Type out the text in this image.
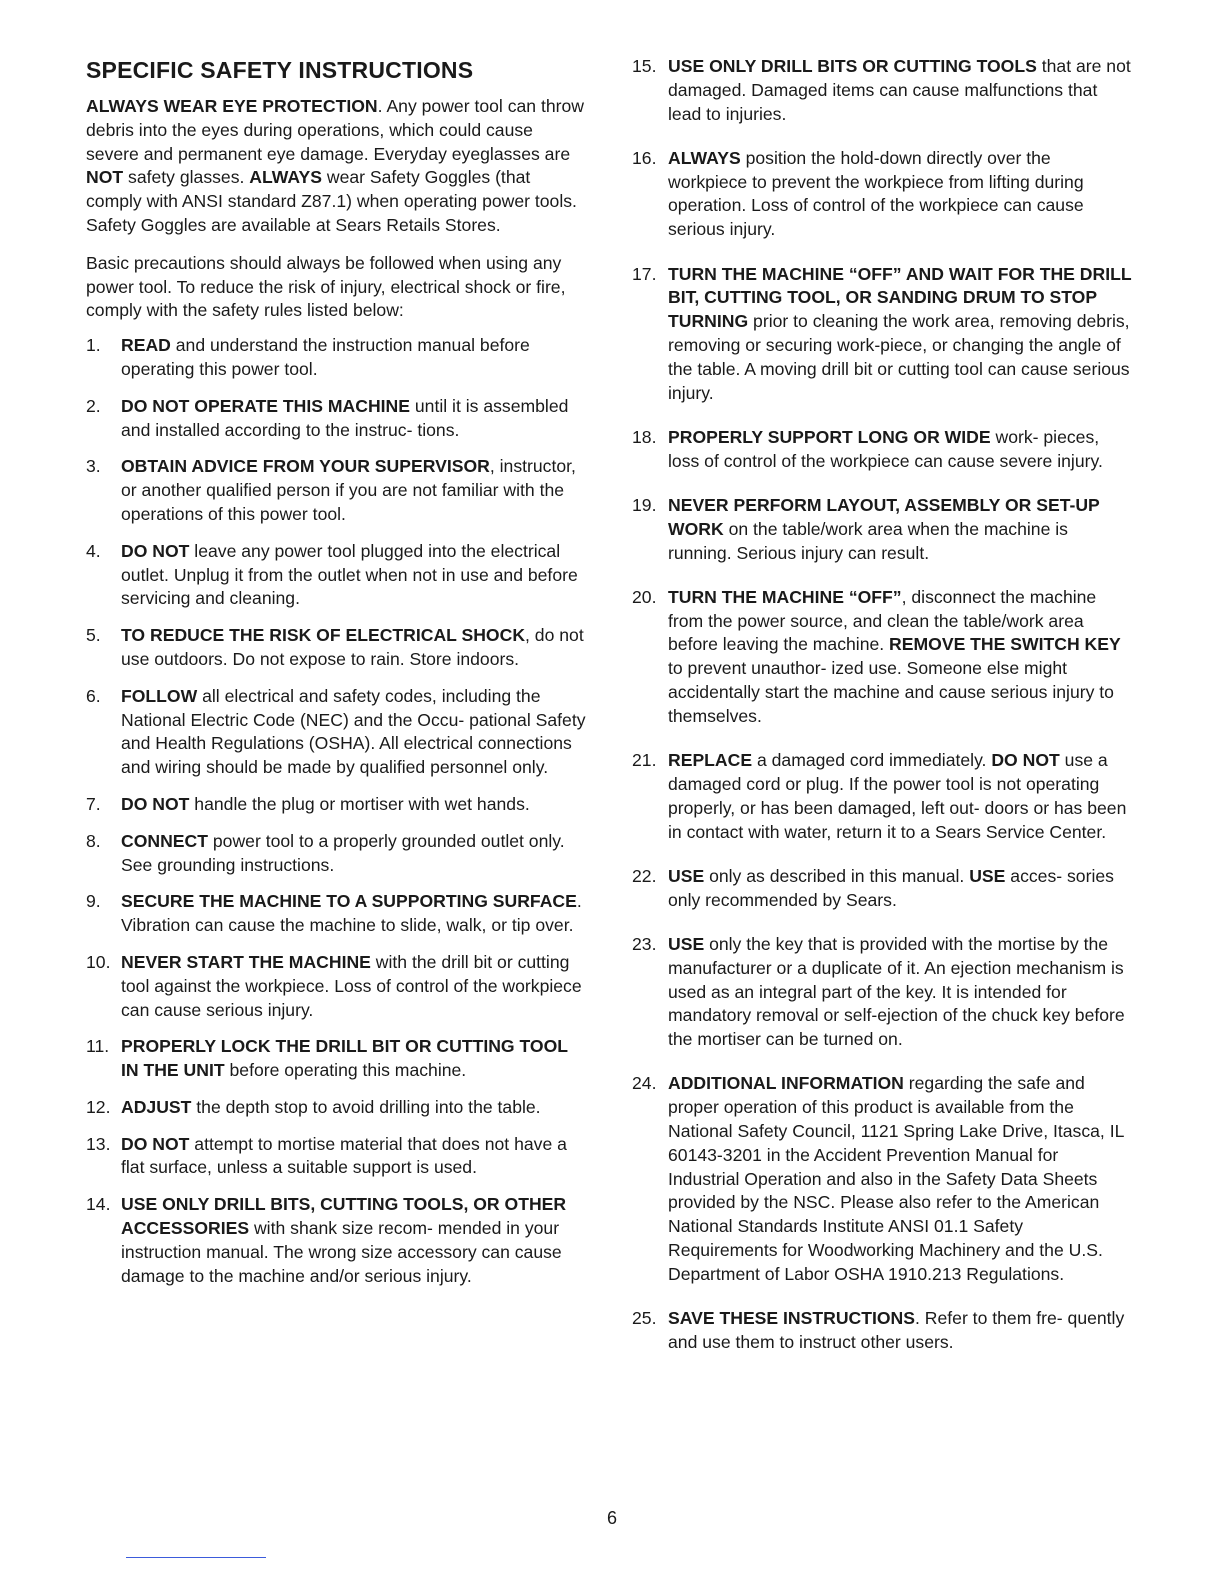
SPECIFIC SAFETY INSTRUCTIONS

ALWAYS WEAR EYE PROTECTION. Any power tool can throw debris into the eyes during operations, which could cause severe and permanent eye damage. Everyday eyeglasses are NOT safety glasses. ALWAYS wear Safety Goggles (that comply with ANSI standard Z87.1) when operating power tools. Safety Goggles are available at Sears Retails Stores.

Basic precautions should always be followed when using any power tool. To reduce the risk of injury, electrical shock or fire, comply with the safety rules listed below:

1. READ and understand the instruction manual before operating this power tool.
2. DO NOT OPERATE THIS MACHINE until it is assembled and installed according to the instruc- tions.
3. OBTAIN ADVICE FROM YOUR SUPERVISOR, instructor, or another qualified person if you are not familiar with the operations of this power tool.
4. DO NOT leave any power tool plugged into the electrical outlet. Unplug it from the outlet when not in use and before servicing and cleaning.
5. TO REDUCE THE RISK OF ELECTRICAL SHOCK, do not use outdoors. Do not expose to rain. Store indoors.
6. FOLLOW all electrical and safety codes, including the National Electric Code (NEC) and the Occu- pational Safety and Health Regulations (OSHA). All electrical connections and wiring should be made by qualified personnel only.
7. DO NOT handle the plug or mortiser with wet hands.
8. CONNECT power tool to a properly grounded outlet only. See grounding instructions.
9. SECURE THE MACHINE TO A SUPPORTING SURFACE. Vibration can cause the machine to slide, walk, or tip over.
10. NEVER START THE MACHINE with the drill bit or cutting tool against the workpiece. Loss of control of the workpiece can cause serious injury.
11. PROPERLY LOCK THE DRILL BIT OR CUTTING TOOL IN THE UNIT before operating this machine.
12. ADJUST the depth stop to avoid drilling into the table.
13. DO NOT attempt to mortise material that does not have a flat surface, unless a suitable support is used.
14. USE ONLY DRILL BITS, CUTTING TOOLS, OR OTHER ACCESSORIES with shank size recom- mended in your instruction manual. The wrong size accessory can cause damage to the machine and/or serious injury.
15. USE ONLY DRILL BITS OR CUTTING TOOLS that are not damaged. Damaged items can cause malfunctions that lead to injuries.
16. ALWAYS position the hold-down directly over the workpiece to prevent the workpiece from lifting during operation. Loss of control of the workpiece can cause serious injury.
17. TURN THE MACHINE “OFF” AND WAIT FOR THE DRILL BIT, CUTTING TOOL, OR SANDING DRUM TO STOP TURNING prior to cleaning the work area, removing debris, removing or securing work-piece, or changing the angle of the table. A moving drill bit or cutting tool can cause serious injury.
18. PROPERLY SUPPORT LONG OR WIDE work- pieces, loss of control of the workpiece can cause severe injury.
19. NEVER PERFORM LAYOUT, ASSEMBLY OR SET-UP WORK on the table/work area when the machine is running. Serious injury can result.
20. TURN THE MACHINE “OFF”, disconnect the machine from the power source, and clean the table/work area before leaving the machine. REMOVE THE SWITCH KEY to prevent unauthor- ized use. Someone else might accidentally start the machine and cause serious injury to themselves.
21. REPLACE a damaged cord immediately. DO NOT use a damaged cord or plug. If the power tool is not operating properly, or has been damaged, left out- doors or has been in contact with water, return it to a Sears Service Center.
22. USE only as described in this manual. USE acces- sories only recommended by Sears.
23. USE only the key that is provided with the mortise by the manufacturer or a duplicate of it. An ejection mechanism is used as an integral part of the key. It is intended for mandatory removal or self-ejection of the chuck key before the mortiser can be turned on.
24. ADDITIONAL INFORMATION regarding the safe and proper operation of this product is available from the National Safety Council, 1121 Spring Lake Drive, Itasca, IL 60143-3201 in the Accident Prevention Manual for Industrial Operation and also in the Safety Data Sheets provided by the NSC. Please also refer to the American National Standards Institute ANSI 01.1 Safety Requirements for Woodworking Machinery and the U.S. Department of Labor OSHA 1910.213 Regulations.
25. SAVE THESE INSTRUCTIONS. Refer to them fre- quently and use them to instruct other users.
6
